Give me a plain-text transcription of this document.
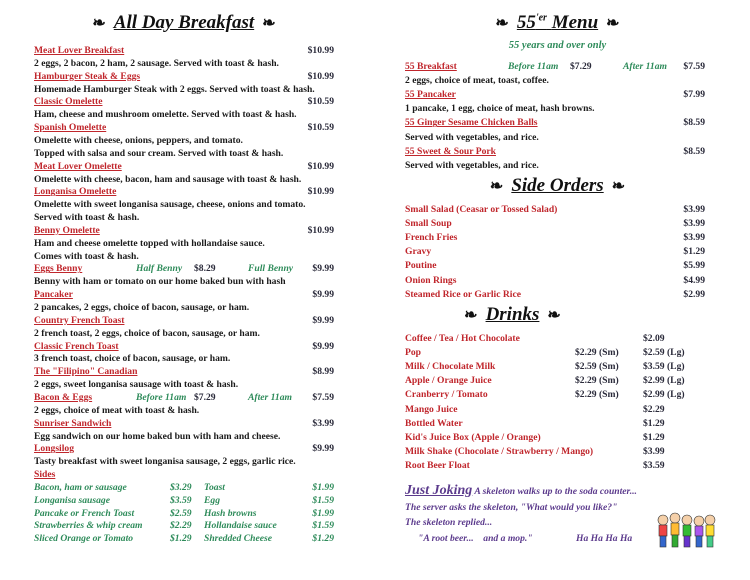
❧ All Day Breakfast ❧
Meat Lover Breakfast	$10.99
2 eggs, 2 bacon, 2 ham, 2 sausage. Served with toast & hash.
Hamburger Steak & Eggs	$10.99
Homemade Hamburger Steak with 2 eggs. Served with toast & hash.
Classic Omelette	$10.59
Ham, cheese and mushroom omelette. Served with toast & hash.
Spanish Omelette	$10.59
Omelette with cheese, onions, peppers, and tomato.
Topped with salsa and sour cream. Served with toast & hash.
Meat Lover Omelette	$10.99
Omelette with cheese, bacon, ham and sausage with toast & hash.
Longanisa Omelette	$10.99
Omelette with sweet longanisa sausage, cheese, onions and tomato.
Served with toast & hash.
Benny Omelette	$10.99
Ham and cheese omelette topped with hollandaise sauce.
Comes with toast & hash.
Eggs Benny	Half Benny $8.29	Full Benny $9.99
Benny with ham or tomato on our home baked bun with hash
Pancaker	$9.99
2 pancakes, 2 eggs, choice of bacon, sausage, or ham.
Country French Toast	$9.99
2 french toast, 2 eggs, choice of bacon, sausage, or ham.
Classic French Toast	$9.99
3 french toast, choice of bacon, sausage, or ham.
The "Filipino" Canadian	$8.99
2 eggs, sweet longanisa sausage with toast & hash.
Bacon & Eggs	Before 11am $7.29	After 11am $7.59
2 eggs, choice of meat with toast & hash.
Sunriser Sandwich	$3.99
Egg sandwich on our home baked bun with ham and cheese.
Longsilog	$9.99
Tasty breakfast with sweet longanisa sausage, 2 eggs, garlic rice.
Sides
Bacon, ham or sausage	$3.29 Toast	$1.99
Longanisa sausage	$3.59 Egg	$1.59
Pancake or French Toast	$2.59 Hash browns	$1.99
Strawberries & whip cream	$2.29 Hollandaise sauce	$1.59
Sliced Orange or Tomato	$1.29 Shredded Cheese	$1.29
❧ $55^{'er}$ Menu ❧
55 years and over only
❧ Side Orders ❧
❧ Drinks ❧
Just Joking A skeleton walks up to the soda counter...
The server asks the skeleton, "What would you like?"
The skeleton replied...
"A root beer...    and a mop."	Ha Ha Ha Ha
55 Breakfast	Before 11am $7.29	After 11am $7.59
2 eggs, choice of meat, toast, coffee.
55 Pancaker	$7.99
1 pancake, 1 egg, choice of meat, hash browns.
55 Ginger Sesame Chicken Balls	$8.59
Served with vegetables, and rice.
55 Sweet & Sour Pork	$8.59
Served with vegetables, and rice.
Small Salad (Ceasar or Tossed Salad)	$3.99
Small Soup	$3.99
French Fries	$3.99
Gravy	$1.29
Poutine	$5.99
Onion Rings	$4.99
Steamed Rice or Garlic Rice	$2.99
Coffee / Tea / Hot Chocolate	$2.09
Pop	$2.29 (Sm)	$2.59 (Lg)
Milk / Chocolate Milk	$2.59 (Sm)	$3.59 (Lg)
Apple / Orange Juice	$2.29 (Sm)	$2.99 (Lg)
Cranberry / Tomato	$2.29 (Sm)	$2.99 (Lg)
Mango Juice	$2.29
Bottled Water	$1.29
Kid's Juice Box (Apple / Orange)	$1.29
Milk Shake (Chocolate / Strawberry / Mango)	$3.99
Root Beer Float	$3.59
